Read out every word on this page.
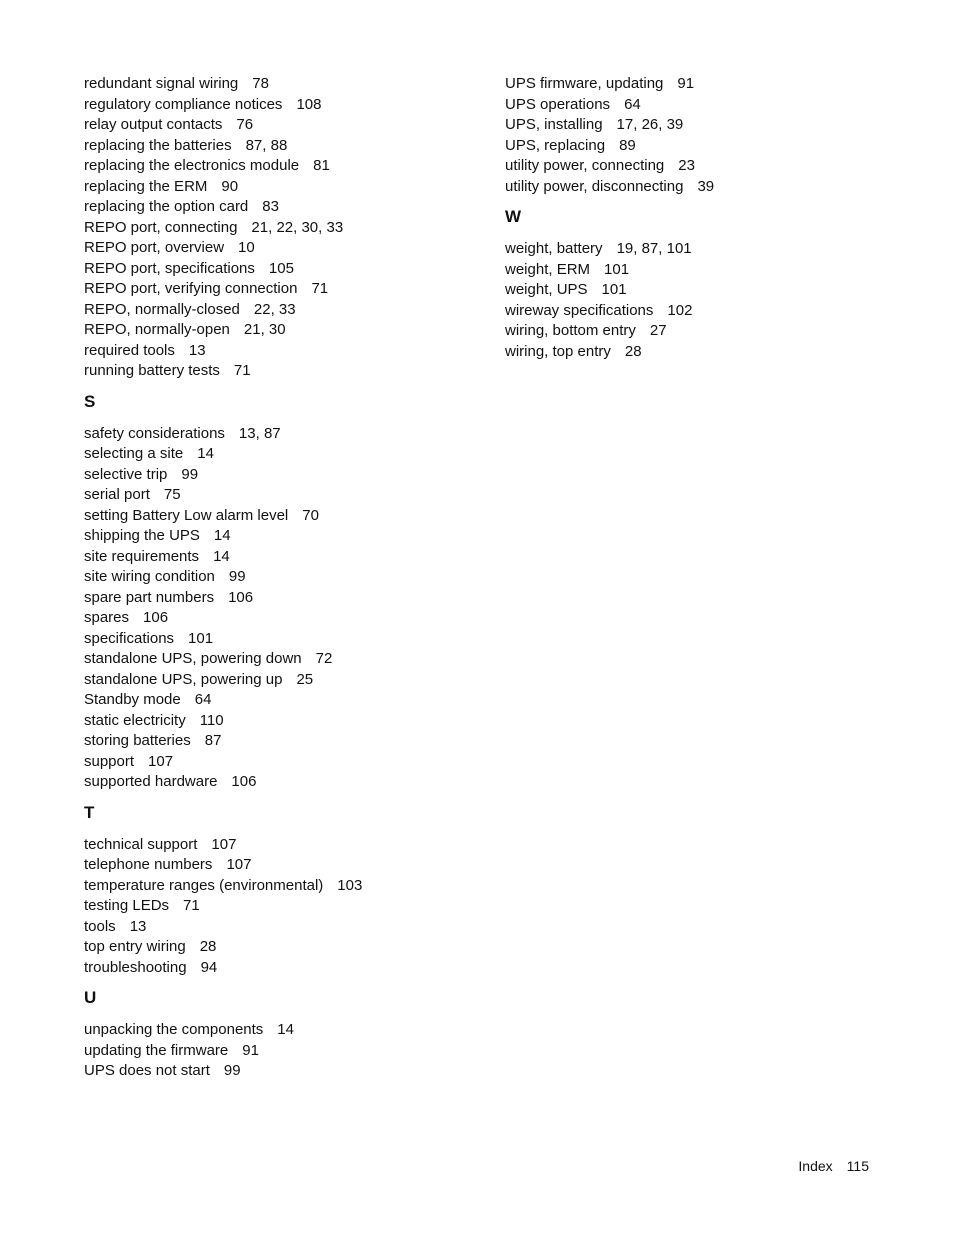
redundant signal wiring 78
regulatory compliance notices 108
relay output contacts 76
replacing the batteries 87, 88
replacing the electronics module 81
replacing the ERM 90
replacing the option card 83
REPO port, connecting 21, 22, 30, 33
REPO port, overview 10
REPO port, specifications 105
REPO port, verifying connection 71
REPO, normally-closed 22, 33
REPO, normally-open 21, 30
required tools 13
running battery tests 71
S
safety considerations 13, 87
selecting a site 14
selective trip 99
serial port 75
setting Battery Low alarm level 70
shipping the UPS 14
site requirements 14
site wiring condition 99
spare part numbers 106
spares 106
specifications 101
standalone UPS, powering down 72
standalone UPS, powering up 25
Standby mode 64
static electricity 110
storing batteries 87
support 107
supported hardware 106
T
technical support 107
telephone numbers 107
temperature ranges (environmental) 103
testing LEDs 71
tools 13
top entry wiring 28
troubleshooting 94
U
unpacking the components 14
updating the firmware 91
UPS does not start 99
UPS firmware, updating 91
UPS operations 64
UPS, installing 17, 26, 39
UPS, replacing 89
utility power, connecting 23
utility power, disconnecting 39
W
weight, battery 19, 87, 101
weight, ERM 101
weight, UPS 101
wireway specifications 102
wiring, bottom entry 27
wiring, top entry 28
Index 115
